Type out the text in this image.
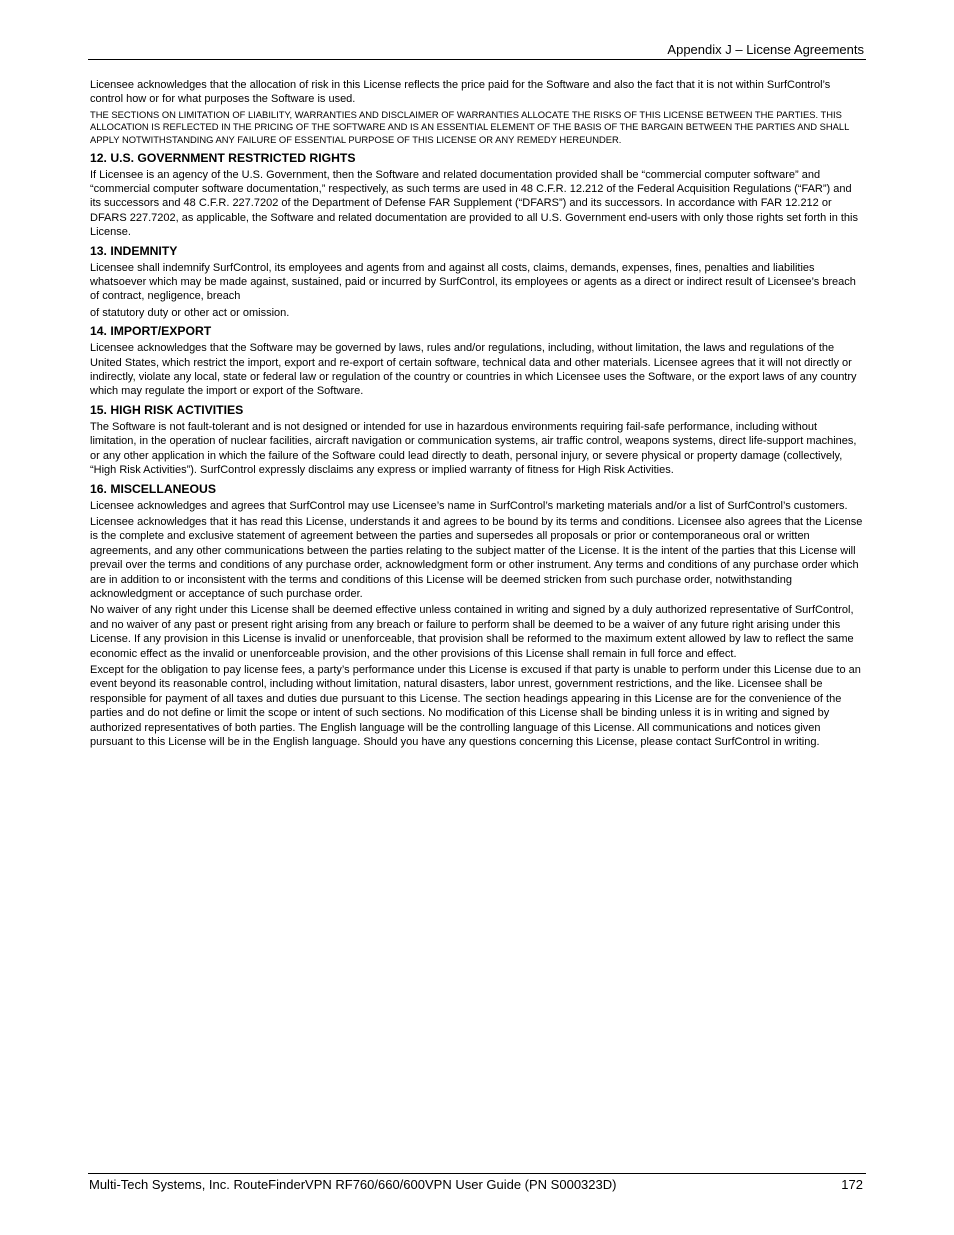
Appendix J – License Agreements

Licensee acknowledges that the allocation of risk in this License reflects the price paid for the Software and also the fact that it is not within SurfControl’s control how or for what purposes the Software is used.

THE SECTIONS ON LIMITATION OF LIABILITY, WARRANTIES AND DISCLAIMER OF WARRANTIES ALLOCATE THE RISKS OF THIS LICENSE BETWEEN THE PARTIES. THIS ALLOCATION IS REFLECTED IN THE PRICING OF THE SOFTWARE AND IS AN ESSENTIAL ELEMENT OF THE BASIS OF THE BARGAIN BETWEEN THE PARTIES AND SHALL APPLY NOTWITHSTANDING ANY FAILURE OF ESSENTIAL PURPOSE OF THIS LICENSE OR ANY REMEDY HEREUNDER.

12. U.S. GOVERNMENT RESTRICTED RIGHTS

If Licensee is an agency of the U.S. Government, then the Software and related documentation provided shall be “commercial computer software” and “commercial computer software documentation,” respectively, as such terms are used in 48 C.F.R. 12.212 of the Federal Acquisition Regulations (“FAR”) and its successors and 48 C.F.R. 227.7202 of the Department of Defense FAR Supplement (“DFARS”) and its successors. In accordance with FAR 12.212 or DFARS 227.7202, as applicable, the Software and related documentation are provided to all U.S. Government end-users with only those rights set forth in this License.

13. INDEMNITY

Licensee shall indemnify SurfControl, its employees and agents from and against all costs, claims, demands, expenses, fines, penalties and liabilities whatsoever which may be made against, sustained, paid or incurred by SurfControl, its employees or agents as a direct or indirect result of Licensee’s breach of contract, negligence, breach

of statutory duty or other act or omission.

14. IMPORT/EXPORT

Licensee acknowledges that the Software may be governed by laws, rules and/or regulations, including, without limitation, the laws and regulations of the United States, which restrict the import, export and re-export of certain software, technical data and other materials. Licensee agrees that it will not directly or indirectly, violate any local, state or federal law or regulation of the country or countries in which Licensee uses the Software, or the export laws of any country which may regulate the import or export of the Software.

15. HIGH RISK ACTIVITIES

The Software is not fault-tolerant and is not designed or intended for use in hazardous environments requiring fail-safe performance, including without limitation, in the operation of nuclear facilities, aircraft navigation or communication systems, air traffic control, weapons systems, direct life-support machines, or any other application in which the failure of the Software could lead directly to death, personal injury, or severe physical or property damage (collectively, “High Risk Activities”). SurfControl expressly disclaims any express or implied warranty of fitness for High Risk Activities.

16. MISCELLANEOUS

Licensee acknowledges and agrees that SurfControl may use Licensee’s name in SurfControl’s marketing materials and/or a list of SurfControl’s customers.

Licensee acknowledges that it has read this License, understands it and agrees to be bound by its terms and conditions. Licensee also agrees that the License is the complete and exclusive statement of agreement between the parties and supersedes all proposals or prior or contemporaneous oral or written agreements, and any other communications between the parties relating to the subject matter of the License. It is the intent of the parties that this License will prevail over the terms and conditions of any purchase order, acknowledgment form or other instrument. Any terms and conditions of any purchase order which are in addition to or inconsistent with the terms and conditions of this License will be deemed stricken from such purchase order, notwithstanding acknowledgment or acceptance of such purchase order.

No waiver of any right under this License shall be deemed effective unless contained in writing and signed by a duly authorized representative of SurfControl, and no waiver of any past or present right arising from any breach or failure to perform shall be deemed to be a waiver of any future right arising under this License. If any provision in this License is invalid or unenforceable, that provision shall be reformed to the maximum extent allowed by law to reflect the same economic effect as the invalid or unenforceable provision, and the other provisions of this License shall remain in full force and effect.

Except for the obligation to pay license fees, a party’s performance under this License is excused if that party is unable to perform under this License due to an event beyond its reasonable control, including without limitation, natural disasters, labor unrest, government restrictions, and the like. Licensee shall be responsible for payment of all taxes and duties due pursuant to this License. The section headings appearing in this License are for the convenience of the parties and do not define or limit the scope or intent of such sections. No modification of this License shall be binding unless it is in writing and signed by authorized representatives of both parties. The English language will be the controlling language of this License. All communications and notices given pursuant to this License will be in the English language. Should you have any questions concerning this License, please contact SurfControl in writing.

Multi-Tech Systems, Inc. RouteFinderVPN RF760/660/600VPN User Guide (PN S000323D)	172
